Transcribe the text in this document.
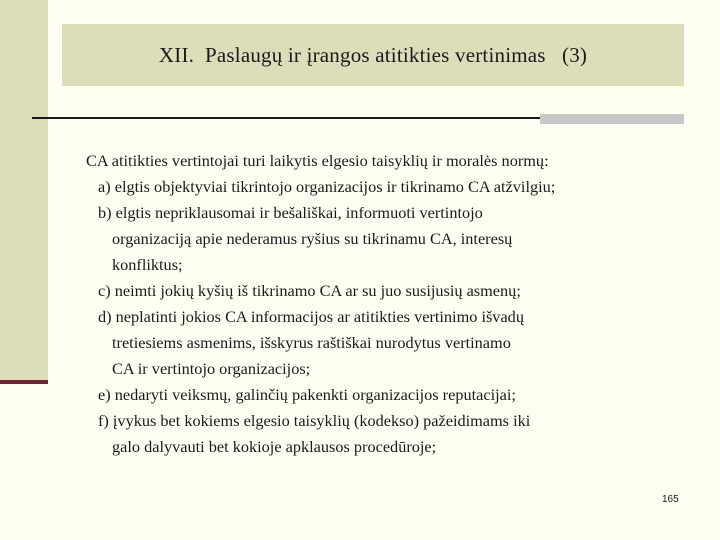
XII.  Paslaugų ir įrangos atitikties vertinimas   (3)
CA atitikties vertintojai turi laikytis elgesio taisyklių ir moralės normų:
a) elgtis objektyviai tikrintojo organizacijos ir tikrinamo CA atžvilgiu;
b) elgtis nepriklausomai ir bešališkai, informuoti vertintojo
organizaciją apie nederamus ryšius su tikrinamu CA, interesų
konfliktus;
c) neimti jokių kyšių iš tikrinamo CA ar su juo susijusių asmenų;
d) neplatinti jokios CA informacijos ar atitikties vertinimo išvadų
tretiesiems asmenims, išskyrus raštiškai nurodytus vertinamo
CA ir vertintojo organizacijos;
e) nedaryti veiksmų, galinčių pakenkti organizacijos reputacijai;
f) įvykus bet kokiems elgesio taisyklių (kodekso) pažeidimams iki
galo dalyvauti bet kokioje apklausos procedūroje;
165
